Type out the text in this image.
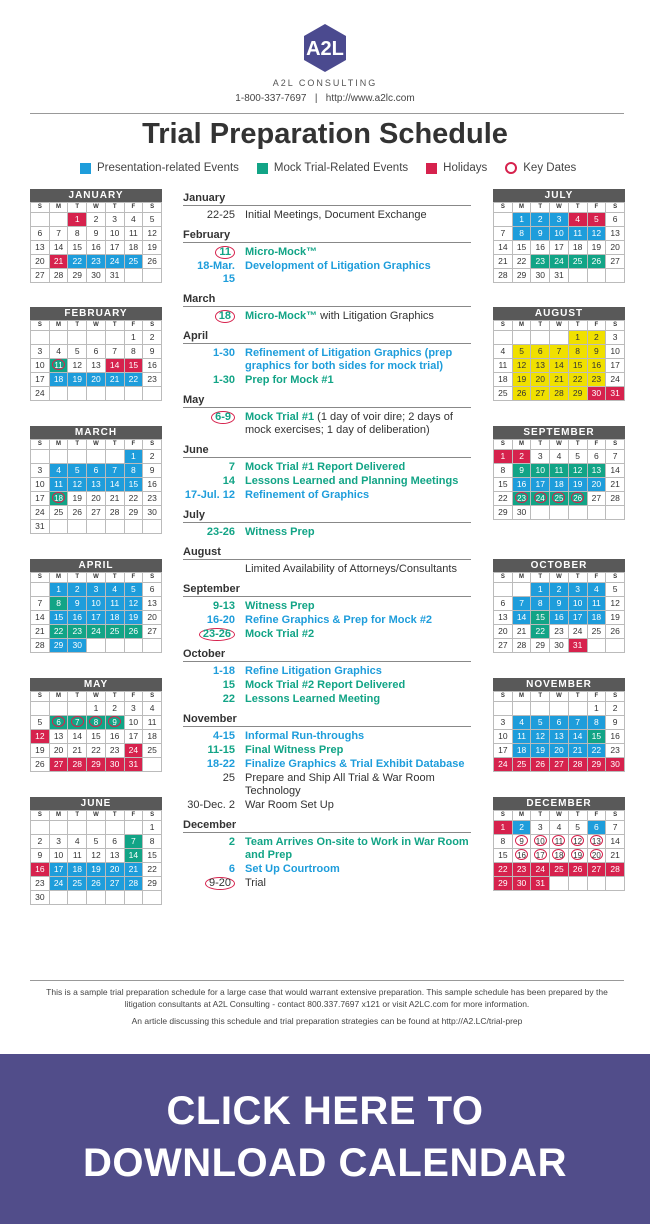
A2L
A2L CONSULTING
1-800-337-7697 | http://www.a2lc.com
Trial Preparation Schedule
Presentation-related Events	Mock Trial-Related Events	Holidays	Key Dates
JANUARY
S	M	T	W	T	F	S
		1	2	3	4	5
6	7	8	9	10	11	12
13	14	15	16	17	18	19
20	21	22	23	24	25	26
27	28	29	30	31		
FEBRUARY
S	M	T	W	T	F	S
					1	2
3	4	5	6	7	8	9
10	11	12	13	14	15	16
17	18	19	20	21	22	23
24						
MARCH
S	M	T	W	T	F	S
					1	2
3	4	5	6	7	8	9
10	11	12	13	14	15	16
17	18	19	20	21	22	23
24	25	26	27	28	29	30
31						
APRIL
S	M	T	W	T	F	S
	1	2	3	4	5	6
7	8	9	10	11	12	13
14	15	16	17	18	19	20
21	22	23	24	25	26	27
28	29	30				
MAY
S	M	T	W	T	F	S
			1	2	3	4
5	6	7	8	9	10	11
12	13	14	15	16	17	18
19	20	21	22	23	24	25
26	27	28	29	30	31	
JUNE
S	M	T	W	T	F	S
						1
2	3	4	5	6	7	8
9	10	11	12	13	14	15
16	17	18	19	20	21	22
23	24	25	26	27	28	29
30						
JULY
S	M	T	W	T	F	S
	1	2	3	4	5	6
7	8	9	10	11	12	13
14	15	16	17	18	19	20
21	22	23	24	25	26	27
28	29	30	31			
AUGUST
S	M	T	W	T	F	S
				1	2	3
4	5	6	7	8	9	10
11	12	13	14	15	16	17
18	19	20	21	22	23	24
25	26	27	28	29	30	31
SEPTEMBER
S	M	T	W	T	F	S
1	2	3	4	5	6	7
8	9	10	11	12	13	14
15	16	17	18	19	20	21
22	23	24	25	26	27	28
29	30					
OCTOBER
S	M	T	W	T	F	S
		1	2	3	4	5
6	7	8	9	10	11	12
13	14	15	16	17	18	19
20	21	22	23	24	25	26
27	28	29	30	31		
NOVEMBER
S	M	T	W	T	F	S
					1	2
3	4	5	6	7	8	9
10	11	12	13	14	15	16
17	18	19	20	21	22	23
24	25	26	27	28	29	30
DECEMBER
S	M	T	W	T	F	S
1	2	3	4	5	6	7
8	9	10	11	12	13	14
15	16	17	18	19	20	21
22	23	24	25	26	27	28
29	30	31				
January
22-25 Initial Meetings, Document Exchange
February
11	Micro-Mock™
18-Mar. 15
Development of Litigation Graphics
March
18	Micro-Mock™ with Litigation Graphics
April
1-30 Refinement of Litigation Graphics (prep graphics for both sides for mock trial)
1-30 Prep for Mock #1
May
6-9	Mock Trial #1 (1 day of voir dire; 2 days of mock exercises; 1 day of deliberation)
June
7 Mock Trial #1 Report Delivered
14 Lessons Learned and Planning Meetings
17-Jul. 12 Refinement of Graphics
July
23-26 Witness Prep
August
Limited Availability of Attorneys/Consultants
September
9-13 Witness Prep
16-20 Refine Graphics & Prep for Mock #2
23-26	Mock Trial #2
October
1-18 Refine Litigation Graphics
15 Mock Trial #2 Report Delivered
22 Lessons Learned Meeting
November
4-15 Informal Run-throughs
11-15 Final Witness Prep
18-22 Finalize Graphics & Trial Exhibit Database
25 Prepare and Ship All Trial & War Room Technology
30-Dec. 2 War Room Set Up
December
2 Team Arrives On-site to Work in War Room and Prep
6 Set Up Courtroom
9-20	Trial
This is a sample trial preparation schedule for a large case that would warrant extensive preparation. This sample schedule has been prepared by the litigation consultants at A2L Consulting - contact 800.337.7697 x121 or visit A2LC.com for more information.
An article discussing this schedule and trial preparation strategies can be found at http://A2.LC/trial-prep
CLICK HERE TO
DOWNLOAD CALENDAR
